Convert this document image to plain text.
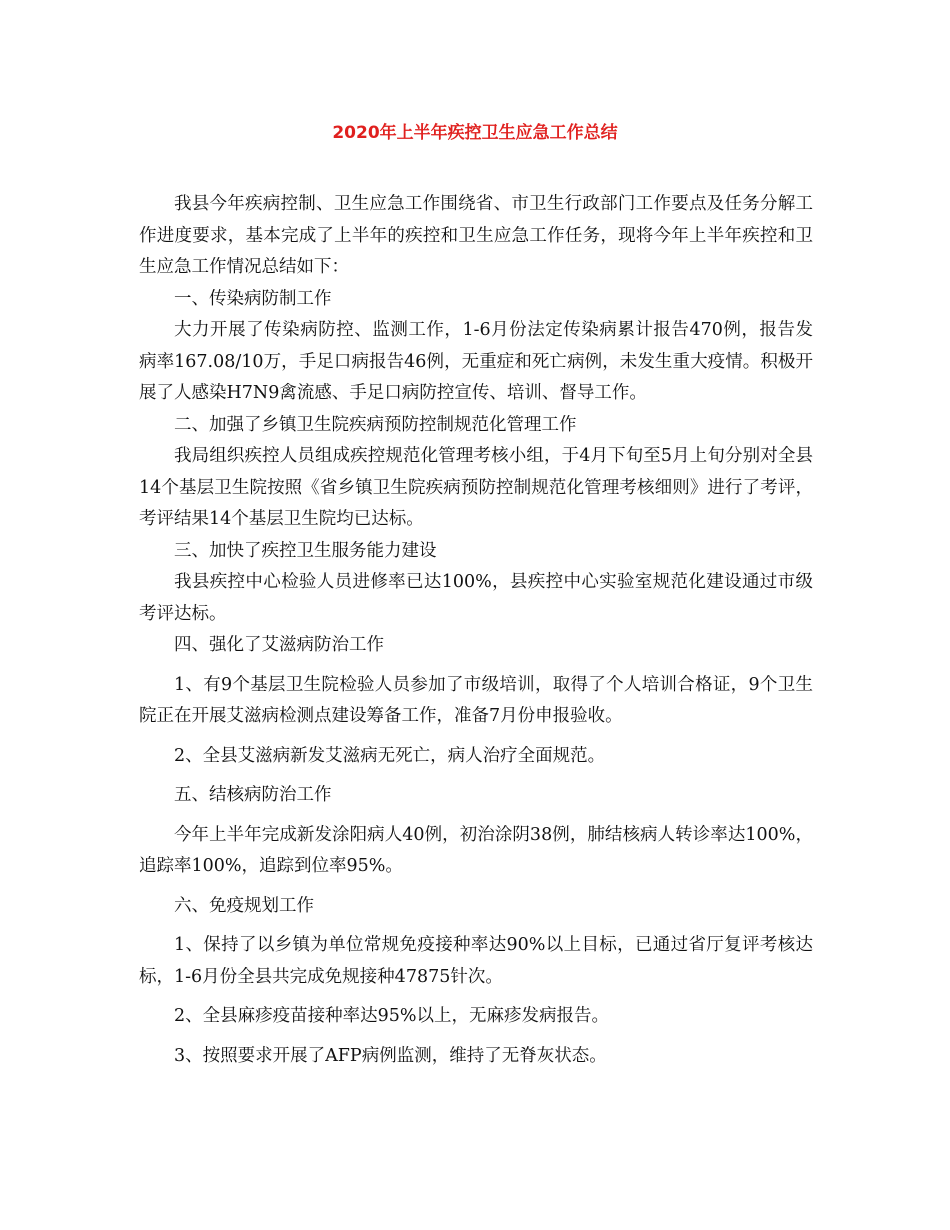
2020年上半年疾控卫生应急工作总结

我县今年疾病控制、卫生应急工作围绕省、市卫生行政部门工作要点及任务分解工作进度要求，基本完成了上半年的疾控和卫生应急工作任务，现将今年上半年疾控和卫生应急工作情况总结如下：

一、传染病防制工作

大力开展了传染病防控、监测工作，1-6月份法定传染病累计报告470例，报告发病率167.08/10万，手足口病报告46例，无重症和死亡病例，未发生重大疫情。积极开展了人感染H7N9禽流感、手足口病防控宣传、培训、督导工作。

二、加强了乡镇卫生院疾病预防控制规范化管理工作

我局组织疾控人员组成疾控规范化管理考核小组，于4月下旬至5月上旬分别对全县14个基层卫生院按照《省乡镇卫生院疾病预防控制规范化管理考核细则》进行了考评，考评结果14个基层卫生院均已达标。

三、加快了疾控卫生服务能力建设

我县疾控中心检验人员进修率已达100%，县疾控中心实验室规范化建设通过市级考评达标。

四、强化了艾滋病防治工作

1、有9个基层卫生院检验人员参加了市级培训，取得了个人培训合格证，9个卫生院正在开展艾滋病检测点建设筹备工作，准备7月份申报验收。

2、全县艾滋病新发艾滋病无死亡，病人治疗全面规范。

五、结核病防治工作

今年上半年完成新发涂阳病人40例，初治涂阴38例，肺结核病人转诊率达100%，追踪率100%，追踪到位率95%。

六、免疫规划工作

1、保持了以乡镇为单位常规免疫接种率达90%以上目标，已通过省厅复评考核达标，1-6月份全县共完成免规接种47875针次。

2、全县麻疹疫苗接种率达95%以上，无麻疹发病报告。

3、按照要求开展了AFP病例监测，维持了无脊灰状态。
